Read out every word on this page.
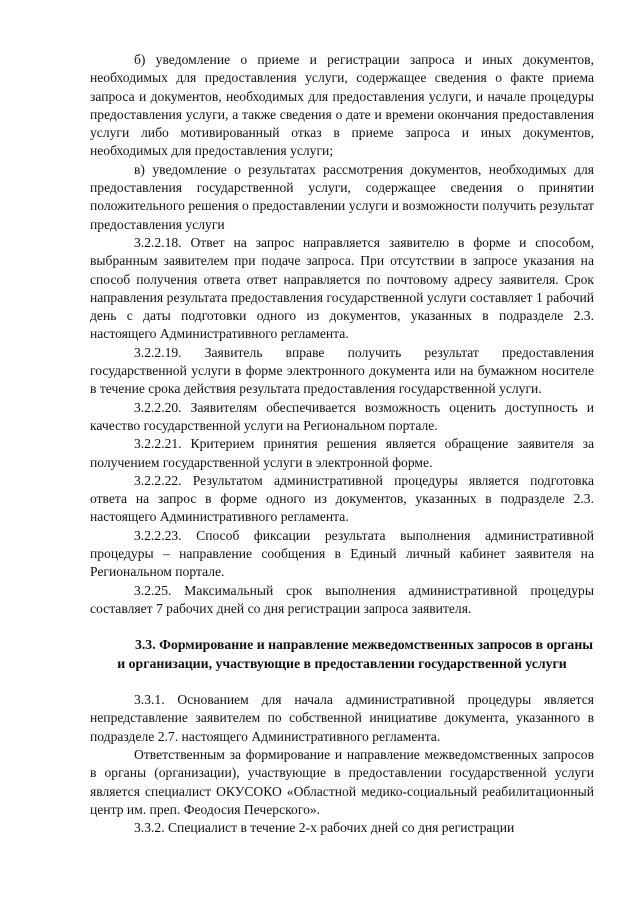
б) уведомление о приеме и регистрации запроса и иных документов, необходимых для предоставления услуги, содержащее сведения о факте приема запроса и документов, необходимых для предоставления услуги, и начале процедуры предоставления услуги, а также сведения о дате и времени окончания предоставления услуги либо мотивированный отказ в приеме запроса и иных документов, необходимых для предоставления услуги;

в) уведомление о результатах рассмотрения документов, необходимых для предоставления государственной услуги, содержащее сведения о принятии положительного решения о предоставлении услуги и возможности получить результат предоставления услуги

3.2.2.18. Ответ на запрос направляется заявителю в форме и способом, выбранным заявителем при подаче запроса. При отсутствии в запросе указания на способ получения ответа ответ направляется по почтовому адресу заявителя. Срок направления результата предоставления государственной услуги составляет 1 рабочий день с даты подготовки одного из документов, указанных в подразделе 2.3. настоящего Административного регламента.

3.2.2.19. Заявитель вправе получить результат предоставления государственной услуги в форме электронного документа или на бумажном носителе в течение срока действия результата предоставления государственной услуги.

3.2.2.20. Заявителям обеспечивается возможность оценить доступность и качество государственной услуги на Региональном портале.

3.2.2.21. Критерием принятия решения является обращение заявителя за получением государственной услуги в электронной форме.

3.2.2.22. Результатом административной процедуры является подготовка ответа на запрос в форме одного из документов, указанных в подразделе 2.3. настоящего Административного регламента.

3.2.2.23. Способ фиксации результата выполнения административной процедуры – направление сообщения в Единый личный кабинет заявителя на Региональном портале.

3.2.25. Максимальный срок выполнения административной процедуры составляет 7 рабочих дней со дня регистрации запроса заявителя.

3.3. Формирование и направление межведомственных запросов в органы и организации, участвующие в предоставлении государственной услуги

3.3.1. Основанием для начала административной процедуры является непредставление заявителем по собственной инициативе документа, указанного в подразделе 2.7. настоящего Административного регламента.

Ответственным за формирование и направление межведомственных запросов в органы (организации), участвующие в предоставлении государственной услуги является специалист ОКУСОКО «Областной медико-социальный реабилитационный центр им. преп. Феодосия Печерского».

3.3.2. Специалист в течение 2-х рабочих дней со дня регистрации
